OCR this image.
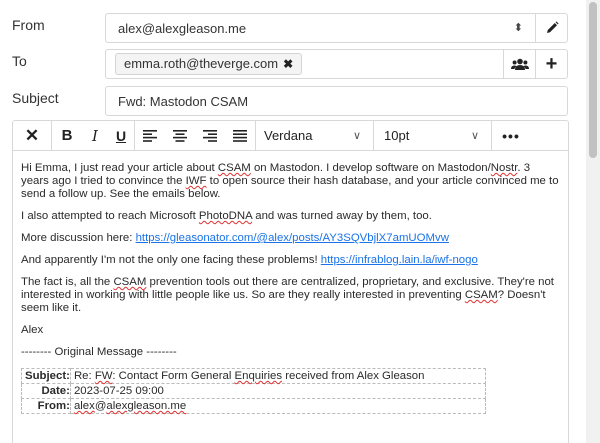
From	alex@alexgleason.me	⬍
To	emma.roth@theverge.com ✖	+
Subject	Fwd: Mastodon CSAM
✕ B I U	Verdana	∨ 10pt	∨ •••

Hi Emma, I just read your article about CSAM on Mastodon. I develop software on Mastodon/Nostr. 3 years ago I tried to convince the IWF to open source their hash database, and your article convinced me to send a follow up. See the emails below.

I also attempted to reach Microsoft PhotoDNA and was turned away by them, too.

More discussion here: https://gleasonator.com/@alex/posts/AY3SQVbjlX7amUOMvw

And apparently I'm not the only one facing these problems! https://infrablog.lain.la/iwf-nogo

The fact is, all the CSAM prevention tools out there are centralized, proprietary, and exclusive. They're not interested in working with little people like us. So are they really interested in preventing CSAM? Doesn't seem like it.

Alex

-------- Original Message --------

Subject:	Re: FW: Contact Form General Enquiries received from Alex Gleason
Date:	2023-07-25 09:00
From:	alex@alexgleason.me
